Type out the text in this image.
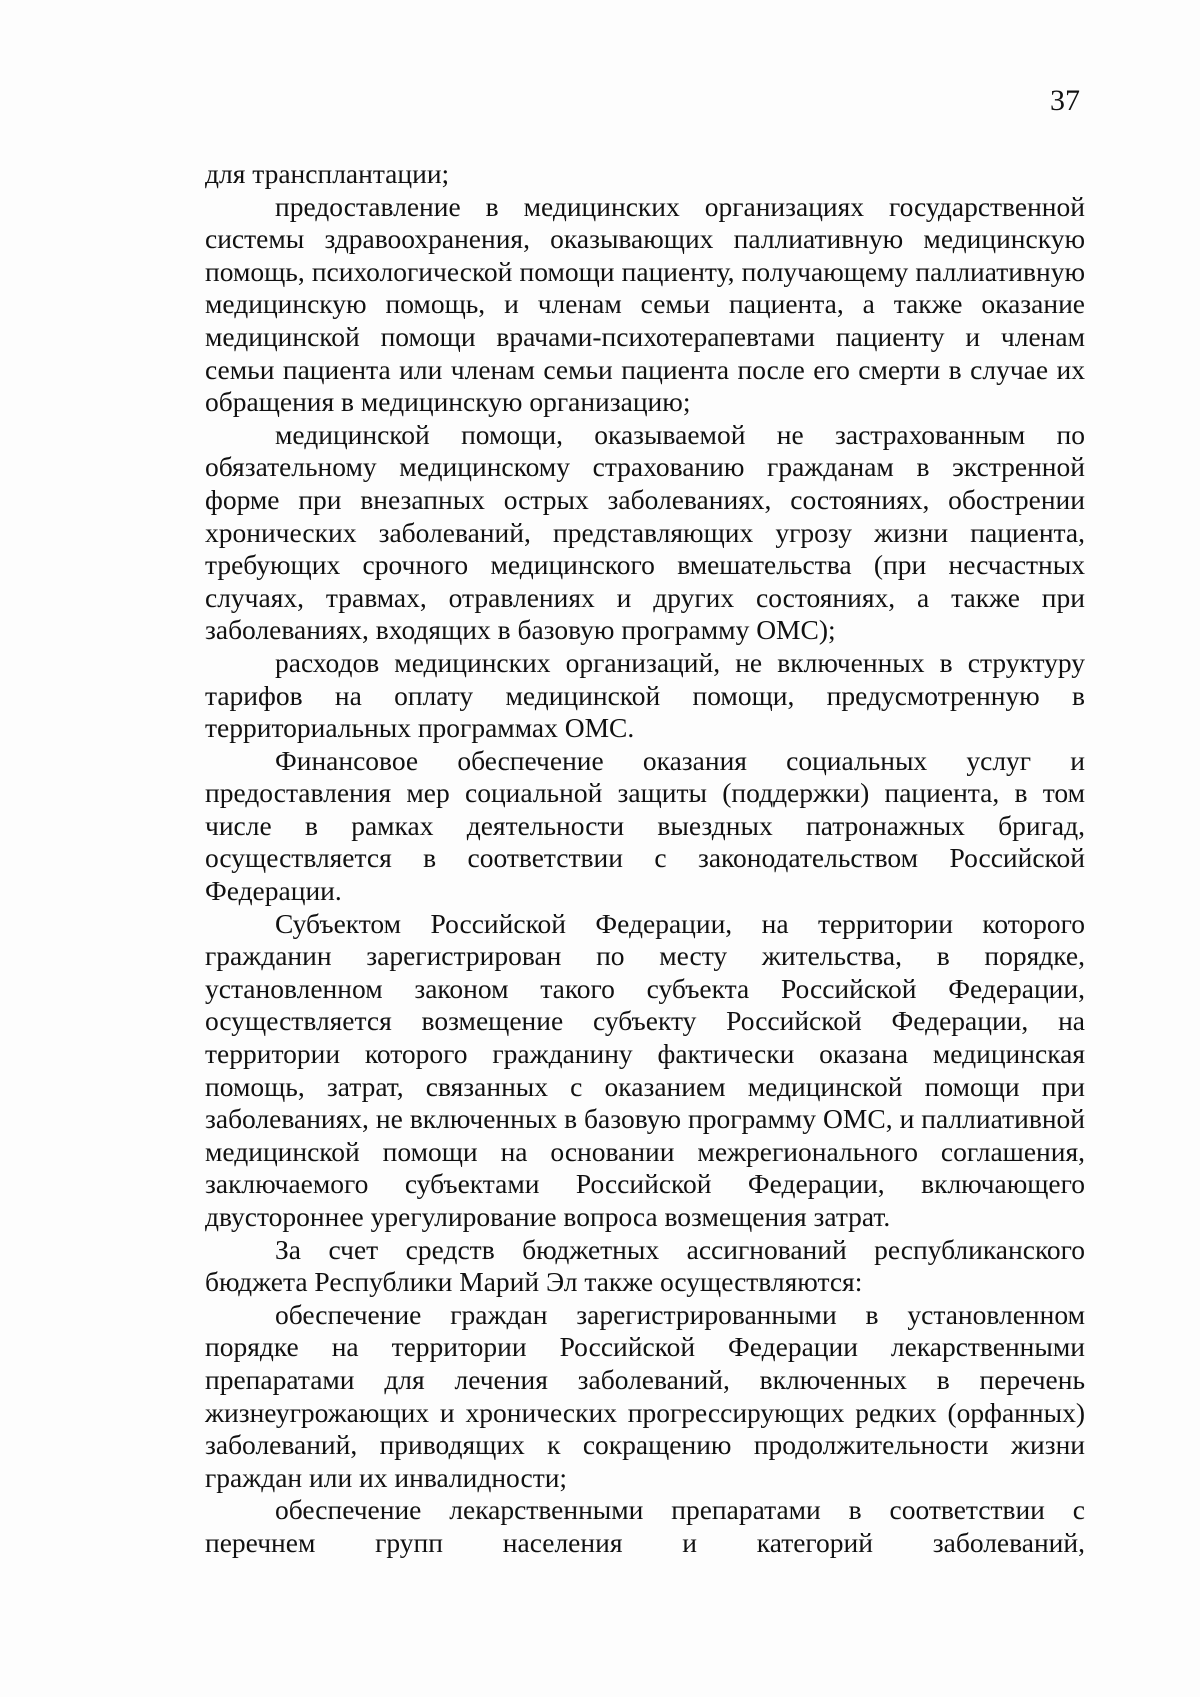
37

для трансплантации;

предоставление в медицинских организациях государственной системы здравоохранения, оказывающих паллиативную медицинскую помощь, психологической помощи пациенту, получающему паллиативную медицинскую помощь, и членам семьи пациента, а также оказание медицинской помощи врачами-психотерапевтами пациенту и членам семьи пациента или членам семьи пациента после его смерти в случае их обращения в медицинскую организацию;

медицинской помощи, оказываемой не застрахованным по обязательному медицинскому страхованию гражданам в экстренной форме при внезапных острых заболеваниях, состояниях, обострении хронических заболеваний, представляющих угрозу жизни пациента, требующих срочного медицинского вмешательства (при несчастных случаях, травмах, отравлениях и других состояниях, а также при заболеваниях, входящих в базовую программу ОМС);

расходов медицинских организаций, не включенных в структуру тарифов на оплату медицинской помощи, предусмотренную в территориальных программах ОМС.

Финансовое обеспечение оказания социальных услуг и предоставления мер социальной защиты (поддержки) пациента, в том числе в рамках деятельности выездных патронажных бригад, осуществляется в соответствии с законодательством Российской Федерации.

Субъектом Российской Федерации, на территории которого гражданин зарегистрирован по месту жительства, в порядке, установленном законом такого субъекта Российской Федерации, осуществляется возмещение субъекту Российской Федерации, на территории которого гражданину фактически оказана медицинская помощь, затрат, связанных с оказанием медицинской помощи при заболеваниях, не включенных в базовую программу ОМС, и паллиативной медицинской помощи на основании межрегионального соглашения, заключаемого субъектами Российской Федерации, включающего двустороннее урегулирование вопроса возмещения затрат.

За счет средств бюджетных ассигнований республиканского бюджета Республики Марий Эл также осуществляются:

обеспечение граждан зарегистрированными в установленном порядке на территории Российской Федерации лекарственными препаратами для лечения заболеваний, включенных в перечень жизнеугрожающих и хронических прогрессирующих редких (орфанных) заболеваний, приводящих к сокращению продолжительности жизни граждан или их инвалидности;

обеспечение лекарственными препаратами в соответствии с перечнем групп населения и категорий заболеваний,
